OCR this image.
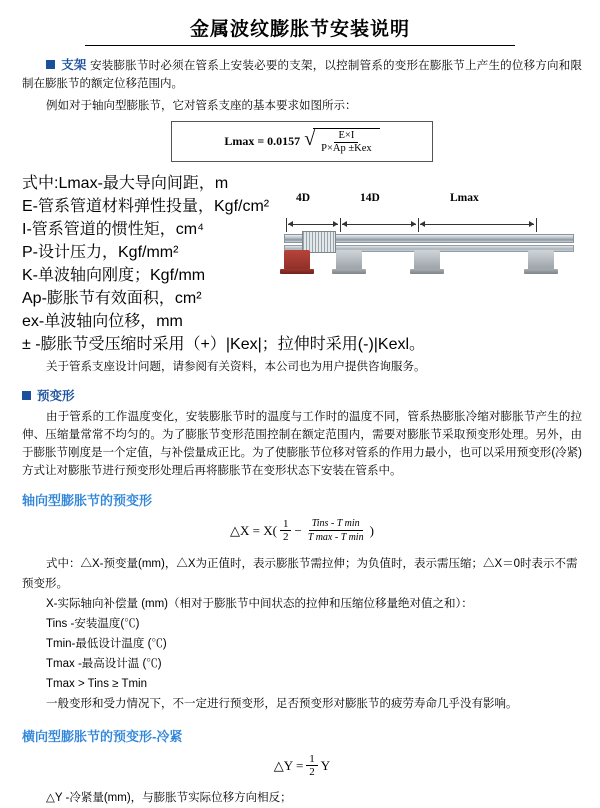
金属波纹膨胀节安装说明

支架 安装膨胀节时必须在管系上安装必要的支架，以控制管系的变形在膨胀节上产生的位移方向和限制在膨胀节的额定位移范围内。

例如对于轴向型膨胀节，它对管系支座的基本要求如图所示：

Lmax = 0.0157 √ $\frac{E\times I}{\text{P×Ap ±Kex}}$

式中:Lmax-最大导向间距，m

E-管系管道材料弹性投量，Kgf/cm²

I-管系管道的惯性矩，cm⁴

P-设计压力，Kgf/mm²

K-单波轴向刚度；Kgf/mm

Ap-膨胀节有效面积，cm²

ex-单波轴向位移，mm

4D	14D	Lmax

± -膨胀节受压缩时采用（+）|Kex|；拉伸时采用(-)|Kexl。

关于管系支座设计问题，请参阅有关资料，本公司也为用户提供咨询服务。

预变形

由于管系的工作温度变化，安装膨胀节时的温度与工作时的温度不同，管系热膨胀冷缩对膨胀节产生的拉伸、压缩量常常不均匀的。为了膨胀节变形范围控制在额定范围内，需要对膨胀节采取预变形处理。另外，由于膨胀节刚度是一个定值，与补偿量成正比。为了使膨胀节位移对管系的作用力最小，也可以采用预变形(冷紧)方式让对膨胀节进行预变形处理后再将膨胀节在变形状态下安装在管系中。

轴向型膨胀节的预变形
△X = $X( \frac{1}{2} - \frac{\text{Tins - T min}}{\text{T max - T min}}$ )

式中：△X-预变量(mm)，△X为正值时，表示膨胀节需拉伸；为负值时，表示需压缩；△X＝0时表示不需预变形。

X-实际轴向补偿量 (mm)（相对于膨胀节中间状态的拉伸和压缩位移量绝对值之和）：

Tins -安装温度(℃)

Tmin-最低设计温度 (℃)

Tmax -最高设计温 (℃)

Tmax > Tins ≥ Tmin

一般变形和受力情况下，不一定进行预变形，足否预变形对膨胀节的疲劳寿命几乎没有影响。

横向型膨胀节的预变形-冷紧
△Y = $\frac{1}{2}$ Y

△Y -冷紧量(mm)，与膨胀节实际位移方向相反；
